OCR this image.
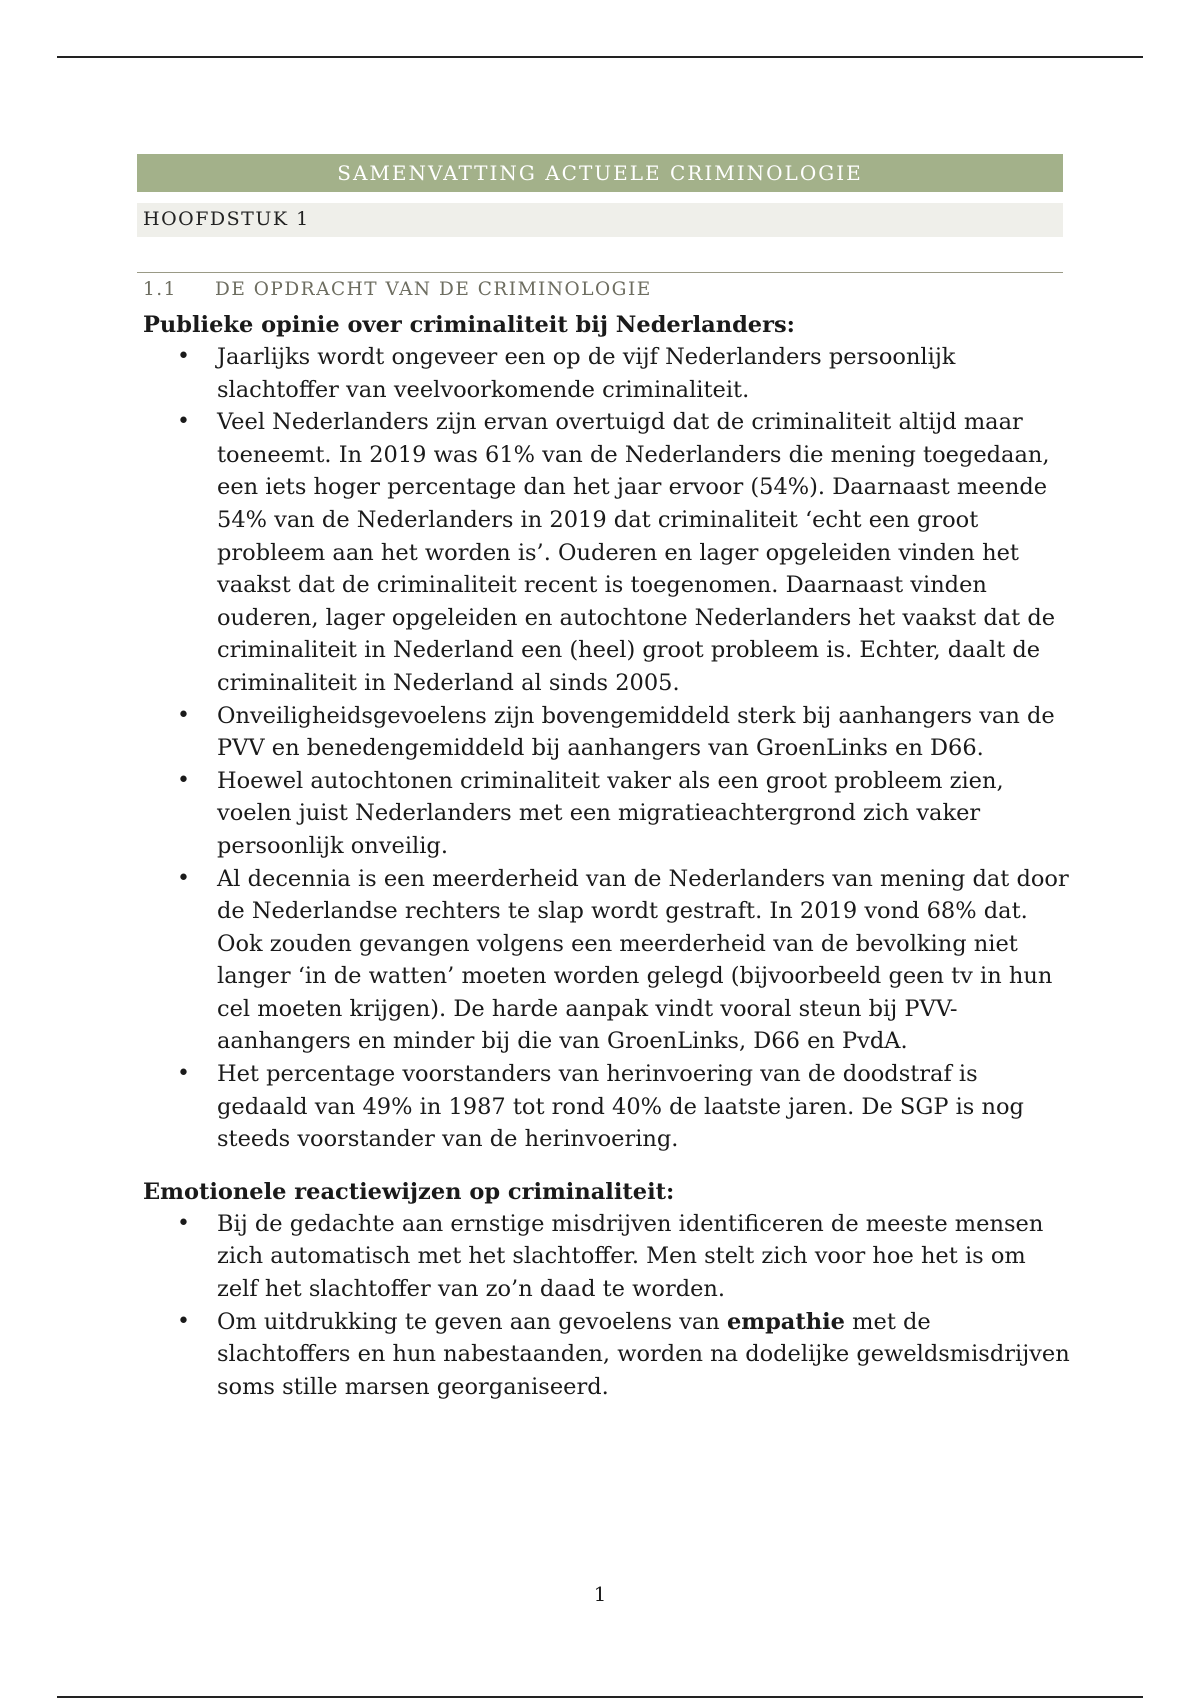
SAMENVATTING ACTUELE CRIMINOLOGIE
HOOFDSTUK 1
1.1 DE OPDRACHT VAN DE CRIMINOLOGIE
Publieke opinie over criminaliteit bij Nederlanders:
• Jaarlijks wordt ongeveer een op de vijf Nederlanders persoonlijk slachtoffer van veelvoorkomende criminaliteit.
• Veel Nederlanders zijn ervan overtuigd dat de criminaliteit altijd maar toeneemt. In 2019 was 61% van de Nederlanders die mening toegedaan, een iets hoger percentage dan het jaar ervoor (54%). Daarnaast meende 54% van de Nederlanders in 2019 dat criminaliteit ‘echt een groot probleem aan het worden is’. Ouderen en lager opgeleiden vinden het vaakst dat de criminaliteit recent is toegenomen. Daarnaast vinden ouderen, lager opgeleiden en autochtone Nederlanders het vaakst dat de criminaliteit in Nederland een (heel) groot probleem is. Echter, daalt de criminaliteit in Nederland al sinds 2005.
• Onveiligheidsgevoelens zijn bovengemiddeld sterk bij aanhangers van de PVV en benedengemiddeld bij aanhangers van GroenLinks en D66.
• Hoewel autochtonen criminaliteit vaker als een groot probleem zien, voelen juist Nederlanders met een migratieachtergrond zich vaker persoonlijk onveilig.
• Al decennia is een meerderheid van de Nederlanders van mening dat door de Nederlandse rechters te slap wordt gestraft. In 2019 vond 68% dat. Ook zouden gevangen volgens een meerderheid van de bevolking niet langer ‘in de watten’ moeten worden gelegd (bijvoorbeeld geen tv in hun cel moeten krijgen). De harde aanpak vindt vooral steun bij PVV-aanhangers en minder bij die van GroenLinks, D66 en PvdA.
• Het percentage voorstanders van herinvoering van de doodstraf is gedaald van 49% in 1987 tot rond 40% de laatste jaren. De SGP is nog steeds voorstander van de herinvoering.
Emotionele reactiewijzen op criminaliteit:
• Bij de gedachte aan ernstige misdrijven identificeren de meeste mensen zich automatisch met het slachtoffer. Men stelt zich voor hoe het is om zelf het slachtoffer van zo’n daad te worden.
• Om uitdrukking te geven aan gevoelens van empathie met de slachtoffers en hun nabestaanden, worden na dodelijke geweldsmisdrijven soms stille marsen georganiseerd.
1
